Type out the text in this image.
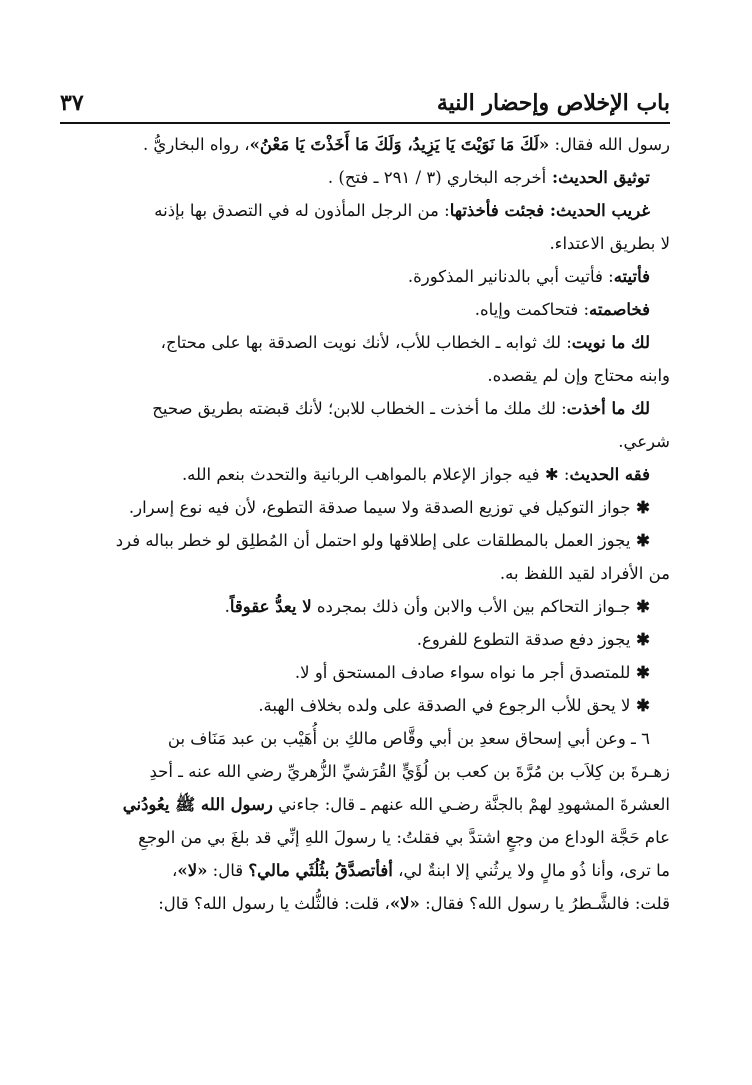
باب الإخلاص وإحضار النية
٣٧
رسول الله فقال: «لَكَ مَا نَوَيْتَ يَا يَزِيدُ، وَلَكَ مَا أَخَذْتَ يَا مَعْنُ»، رواه البخاريُّ .
توثيق الحديث: أخرجه البخاري (٣ / ٢٩١ ـ فتح) .
غريب الحديث: فجئت فأخذتها: من الرجل المأذون له في التصدق بها بإذنه
لا بطريق الاعتداء.
فأتيته: فأتيت أبي بالدنانير المذكورة.
فخاصمته: فتحاكمت وإياه.
لك ما نويت: لك ثوابه ـ الخطاب للأب، لأنك نويت الصدقة بها على محتاج،
وابنه محتاج وإن لم يقصده.
لك ما أخذت: لك ملك ما أخذت ـ الخطاب للابن؛ لأنك قبضته بطريق صحيح
شرعي.
فقه الحديث: ✱ فيه جواز الإعلام بالمواهب الربانية والتحدث بنعم الله.
✱ جواز التوكيل في توزيع الصدقة ولا سيما صدقة التطوع، لأن فيه نوع إسرار.
✱ يجوز العمل بالمطلقات على إطلاقها ولو احتمل أن المُطلِق لو خطر بباله فرد
من الأفراد لقيد اللفظ به.
✱ جـواز التحاكم بين الأب والابن وأن ذلك بمجرده لا يعدُّ عقوقاً.
✱ يجوز دفع صدقة التطوع للفروع.
✱ للمتصدق أجر ما نواه سواء صادف المستحق أو لا.
✱ لا يحق للأب الرجوع في الصدقة على ولده بخلاف الهبة.
٦ ـ وعن أبي إسحاق سعدِ بن أبي وقَّاص مالكِ بن أُهَيْب بن عبد مَنَاف بن
زهـرةَ بن كِلاَب بن مُرَّةَ بن كعب بن لُؤَيٍّ القُرَشيِّ الزُّهريِّ رضي الله عنه ـ أحدِ
العشرةَ المشهودِ لهمْ بالجنَّة رضـي الله عنهم ـ قال: جاءني رسول الله ﷺ يعُودُني
عام حَجَّة الوداع من وجعٍ اشتدَّ بي فقلتُ: يا رسولَ اللهِ إنِّي قد بلغَ بي من الوجعِ
ما ترى، وأنا ذُو مالٍ ولا يرثُني إلا ابنةٌ لي، أفأتصدَّقُ بثُلُثَي مالي؟ قال: «لا»،
قلت: فالشَّـطرُ يا رسول الله؟ فقال: «لا»، قلت: فالثُّلث يا رسول الله؟ قال:
